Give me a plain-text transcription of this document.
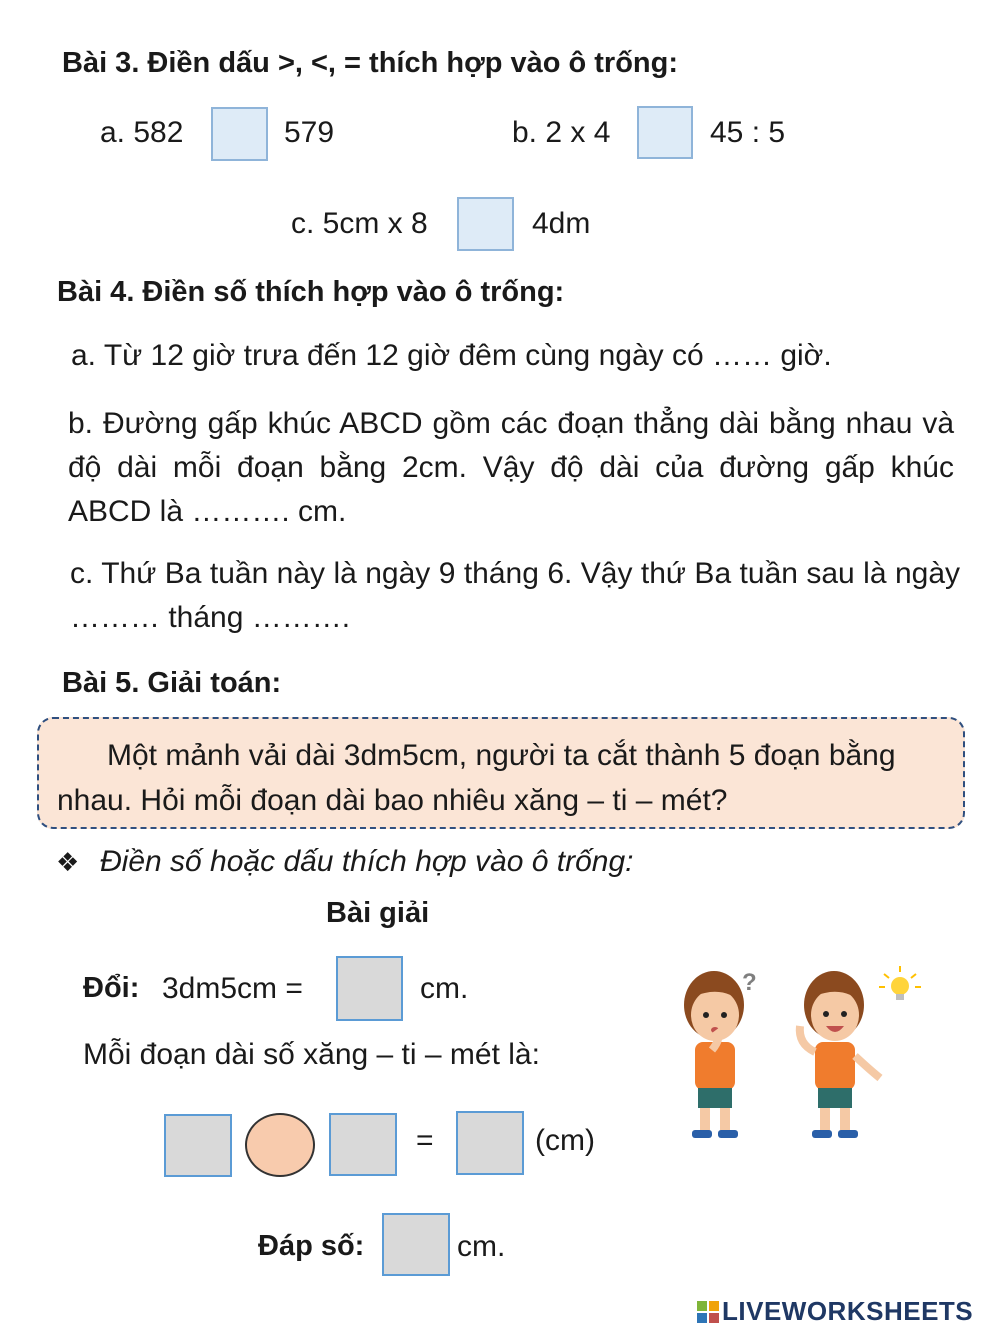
Bài 3. Điền dấu >, <, = thích hợp vào ô trống:
a. 582	579	b. 2 x 4	45 : 5
c. 5cm x 8	4dm
Bài 4. Điền số thích hợp vào ô trống:
a. Từ 12 giờ trưa đến 12 giờ đêm cùng ngày có …… giờ.
b. Đường gấp khúc ABCD gồm các đoạn thẳng dài bằng nhau và độ dài mỗi đoạn bằng 2cm. Vậy độ dài của đường gấp khúc ABCD là ………. cm.
c. Thứ Ba tuần này là ngày 9 tháng 6. Vậy thứ Ba tuần sau là ngày ……… tháng ……….
Bài 5. Giải toán:
Một mảnh vải dài 3dm5cm, người ta cắt thành 5 đoạn bằng nhau. Hỏi mỗi đoạn dài bao nhiêu xăng – ti – mét?
❖ Điền số hoặc dấu thích hợp vào ô trống:
Bài giải
Đổi: 3dm5cm =	cm.
Mỗi đoạn dài số xăng – ti – mét là:
=	(cm)
Đáp số:	cm.
?
LIVEWORKSHEETS
